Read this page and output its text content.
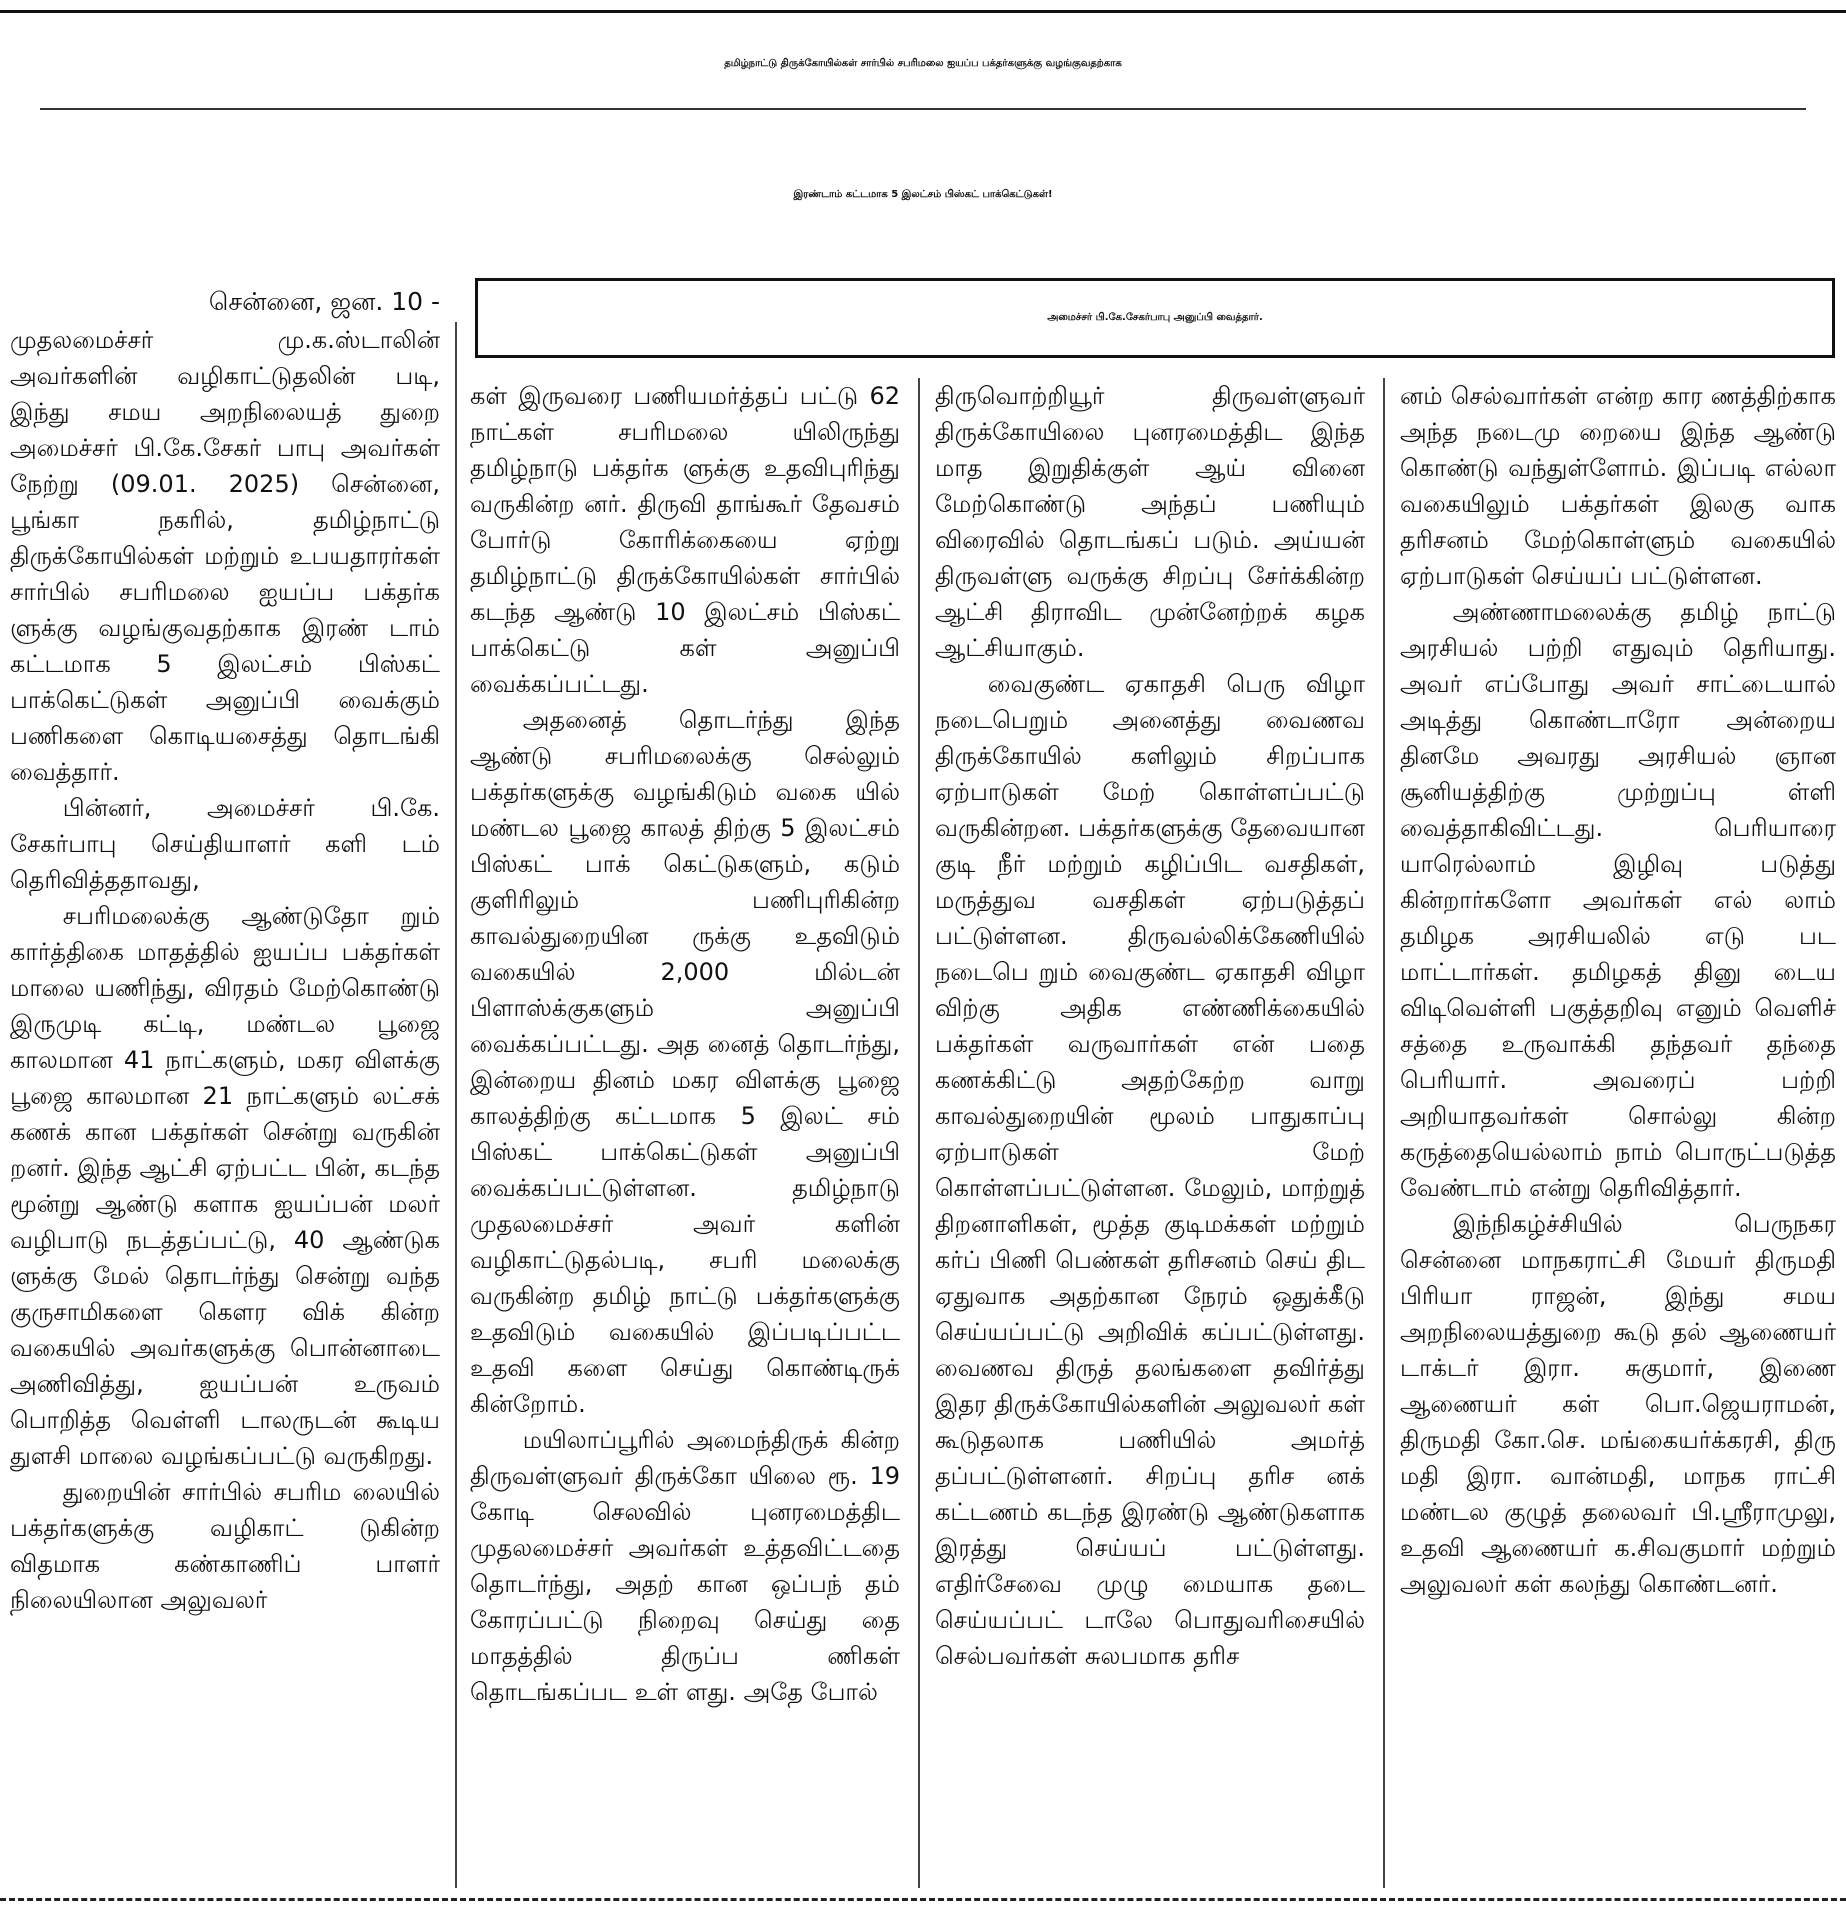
தமிழ்நாட்டு திருக்கோயில்கள் சார்பில் சபரிமலை ஐயப்ப பக்தர்களுக்கு வழங்குவதற்காக
இரண்டாம் கட்டமாக 5 இலட்சம் பிஸ்கட் பாக்கெட்டுகள்!
சென்னை, ஜன. 10 -
அமைச்சர் பி.கே.சேகர்பாபு அனுப்பி வைத்தார்.

முதலமைச்சர் மு.க.ஸ்டாலின் அவர்களின் வழிகாட்டுதலின் படி, இந்து சமய அறநிலையத் துறை அமைச்சர் பி.கே.சேகர் பாபு அவர்கள் நேற்று (09.01. 2025) சென்னை, பூங்கா நகரில், தமிழ்நாட்டு திருக்கோயில்கள் மற்றும் உபயதாரர்கள் சார்பில் சபரிமலை ஐயப்ப பக்தர்க ளுக்கு வழங்குவதற்காக இரண் டாம் கட்டமாக 5 இலட்சம் பிஸ்கட் பாக்கெட்டுகள் அனுப்பி வைக்கும் பணிகளை கொடியசைத்து தொடங்கி வைத்தார்.

பின்னர், அமைச்சர் பி.கே. சேகர்பாபு செய்தியாளர் களி டம் தெரிவித்ததாவது,

சபரிமலைக்கு ஆண்டுதோ றும் கார்த்திகை மாதத்தில் ஐயப்ப பக்தர்கள் மாலை யணிந்து, விரதம் மேற்கொண்டு இருமுடி கட்டி, மண்டல பூஜை காலமான 41 நாட்களும், மகர விளக்கு பூஜை காலமான 21 நாட்களும் லட்சக் கணக் கான பக்தர்கள் சென்று வருகின் றனர். இந்த ஆட்சி ஏற்பட்ட பின், கடந்த மூன்று ஆண்டு களாக ஐயப்பன் மலர் வழிபாடு நடத்தப்பட்டு, 40 ஆண்டுக ளுக்கு மேல் தொடர்ந்து சென்று வந்த குருசாமிகளை கௌர விக் கின்ற வகையில் அவர்களுக்கு பொன்னாடை அணிவித்து, ஐயப்பன் உருவம் பொறித்த வெள்ளி டாலருடன் கூடிய துளசி மாலை வழங்கப்பட்டு வருகிறது.

துறையின் சார்பில் சபரிம லையில் பக்தர்களுக்கு வழிகாட் டுகின்ற விதமாக கண்காணிப் பாளர் நிலையிலான அலுவலர்

கள் இருவரை பணியமர்த்தப் பட்டு 62 நாட்கள் சபரிமலை யிலிருந்து தமிழ்நாடு பக்தர்க ளுக்கு உதவிபுரிந்து வருகின்ற னர். திருவி தாங்கூர் தேவசம் போர்டு கோரிக்கையை ஏற்று தமிழ்நாட்டு திருக்கோயில்கள் சார்பில் கடந்த ஆண்டு 10 இலட்சம் பிஸ்கட் பாக்கெட்டு கள் அனுப்பி வைக்கப்பட்டது.

அதனைத் தொடர்ந்து இந்த ஆண்டு சபரிமலைக்கு செல்லும் பக்தர்களுக்கு வழங்கிடும் வகை யில் மண்டல பூஜை காலத் திற்கு 5 இலட்சம் பிஸ்கட் பாக் கெட்டுகளும், கடும் குளிரிலும் பணிபுரிகின்ற காவல்துறையின ருக்கு உதவிடும் வகையில் 2,000 மில்டன் பிளாஸ்க்குகளும் அனுப்பி வைக்கப்பட்டது. அத னைத் தொடர்ந்து, இன்றைய தினம் மகர விளக்கு பூஜை காலத்திற்கு கட்டமாக 5 இலட் சம் பிஸ்கட் பாக்கெட்டுகள் அனுப்பி வைக்கப்பட்டுள்ளன. தமிழ்நாடு முதலமைச்சர் அவர் களின் வழிகாட்டுதல்படி, சபரி மலைக்கு வருகின்ற தமிழ் நாட்டு பக்தர்களுக்கு உதவிடும் வகையில் இப்படிப்பட்ட உதவி களை செய்து கொண்டிருக் கின்றோம்.

மயிலாப்பூரில் அமைந்திருக் கின்ற திருவள்ளுவர் திருக்கோ யிலை ரூ. 19 கோடி செலவில் புனரமைத்திட முதலமைச்சர் அவர்கள் உத்தவிட்டதை தொடர்ந்து, அதற் கான ஒப்பந் தம் கோரப்பட்டு நிறைவு செய்து தை மாதத்தில் திருப்ப ணிகள் தொடங்கப்பட உள் ளது. அதே போல்

திருவொற்றியூர் திருவள்ளுவர் திருக்கோயிலை புனரமைத்திட இந்த மாத இறுதிக்குள் ஆய் வினை மேற்கொண்டு அந்தப் பணியும் விரைவில் தொடங்கப் படும். அய்யன் திருவள்ளு வருக்கு சிறப்பு சேர்க்கின்ற ஆட்சி திராவிட முன்னேற்றக் கழக ஆட்சியாகும்.

வைகுண்ட ஏகாதசி பெரு விழா நடைபெறும் அனைத்து வைணவ திருக்கோயில் களிலும் சிறப்பாக ஏற்பாடுகள் மேற் கொள்ளப்பட்டு வருகின்றன. பக்தர்களுக்கு தேவையான குடி நீர் மற்றும் கழிப்பிட வசதிகள், மருத்துவ வசதிகள் ஏற்படுத்தப் பட்டுள்ளன. திருவல்லிக்கேணியில் நடைபெ றும் வைகுண்ட ஏகாதசி விழா விற்கு அதிக எண்ணிக்கையில் பக்தர்கள் வருவார்கள் என் பதை கணக்கிட்டு அதற்கேற்ற வாறு காவல்துறையின் மூலம் பாதுகாப்பு ஏற்பாடுகள் மேற் கொள்ளப்பட்டுள்ளன. மேலும், மாற்றுத் திறனாளிகள், மூத்த குடிமக்கள் மற்றும் கர்ப் பிணி பெண்கள் தரிசனம் செய் திட ஏதுவாக அதற்கான நேரம் ஒதுக்கீடு செய்யப்பட்டு அறிவிக் கப்பட்டுள்ளது. வைணவ திருத் தலங்களை தவிர்த்து இதர திருக்கோயில்களின் அலுவலர் கள் கூடுதலாக பணியில் அமர்த் தப்பட்டுள்ளனர். சிறப்பு தரிச னக் கட்டணம் கடந்த இரண்டு ஆண்டுகளாக இரத்து செய்யப் பட்டுள்ளது. எதிர்சேவை முழு மையாக தடை செய்யப்பட் டாலே பொதுவரிசையில் செல்பவர்கள் சுலபமாக தரிச

னம் செல்வார்கள் என்ற கார ணத்திற்காக அந்த நடைமு றையை இந்த ஆண்டு கொண்டு வந்துள்ளோம். இப்படி எல்லா வகையிலும் பக்தர்கள் இலகு வாக தரிசனம் மேற்கொள்ளும் வகையில் ஏற்பாடுகள் செய்யப் பட்டுள்ளன.

அண்ணாமலைக்கு தமிழ் நாட்டு அரசியல் பற்றி எதுவும் தெரியாது. அவர் எப்போது அவர் சாட்டையால் அடித்து கொண்டாரோ அன்றைய தினமே அவரது அரசியல் ஞான சூனியத்திற்கு முற்றுப்பு ள்ளி வைத்தாகிவிட்டது. பெரியாரை யாரெல்லாம் இழிவு படுத்து கின்றார்களோ அவர்கள் எல் லாம் தமிழக அரசியலில் எடு பட மாட்டார்கள். தமிழகத் தினு டைய விடிவெள்ளி பகுத்தறிவு எனும் வெளிச் சத்தை உருவாக்கி தந்தவர் தந்தை பெரியார். அவரைப் பற்றி அறியாதவர்கள் சொல்லு கின்ற கருத்தையெல்லாம் நாம் பொருட்படுத்த வேண்டாம் என்று தெரிவித்தார்.

இந்நிகழ்ச்சியில் பெருநகர சென்னை மாநகராட்சி மேயர் திருமதி பிரியா ராஜன், இந்து சமய அறநிலையத்துறை கூடு தல் ஆணையர் டாக்டர் இரா. சுகுமார், இணை ஆணையர் கள் பொ.ஜெயராமன், திருமதி கோ.செ. மங்கையர்க்கரசி, திரு மதி இரா. வான்மதி, மாநக ராட்சி மண்டல குழுத் தலைவர் பி.ஸ்ரீராமுலு, உதவி ஆணையர் க.சிவகுமார் மற்றும் அலுவலர் கள் கலந்து கொண்டனர்.
